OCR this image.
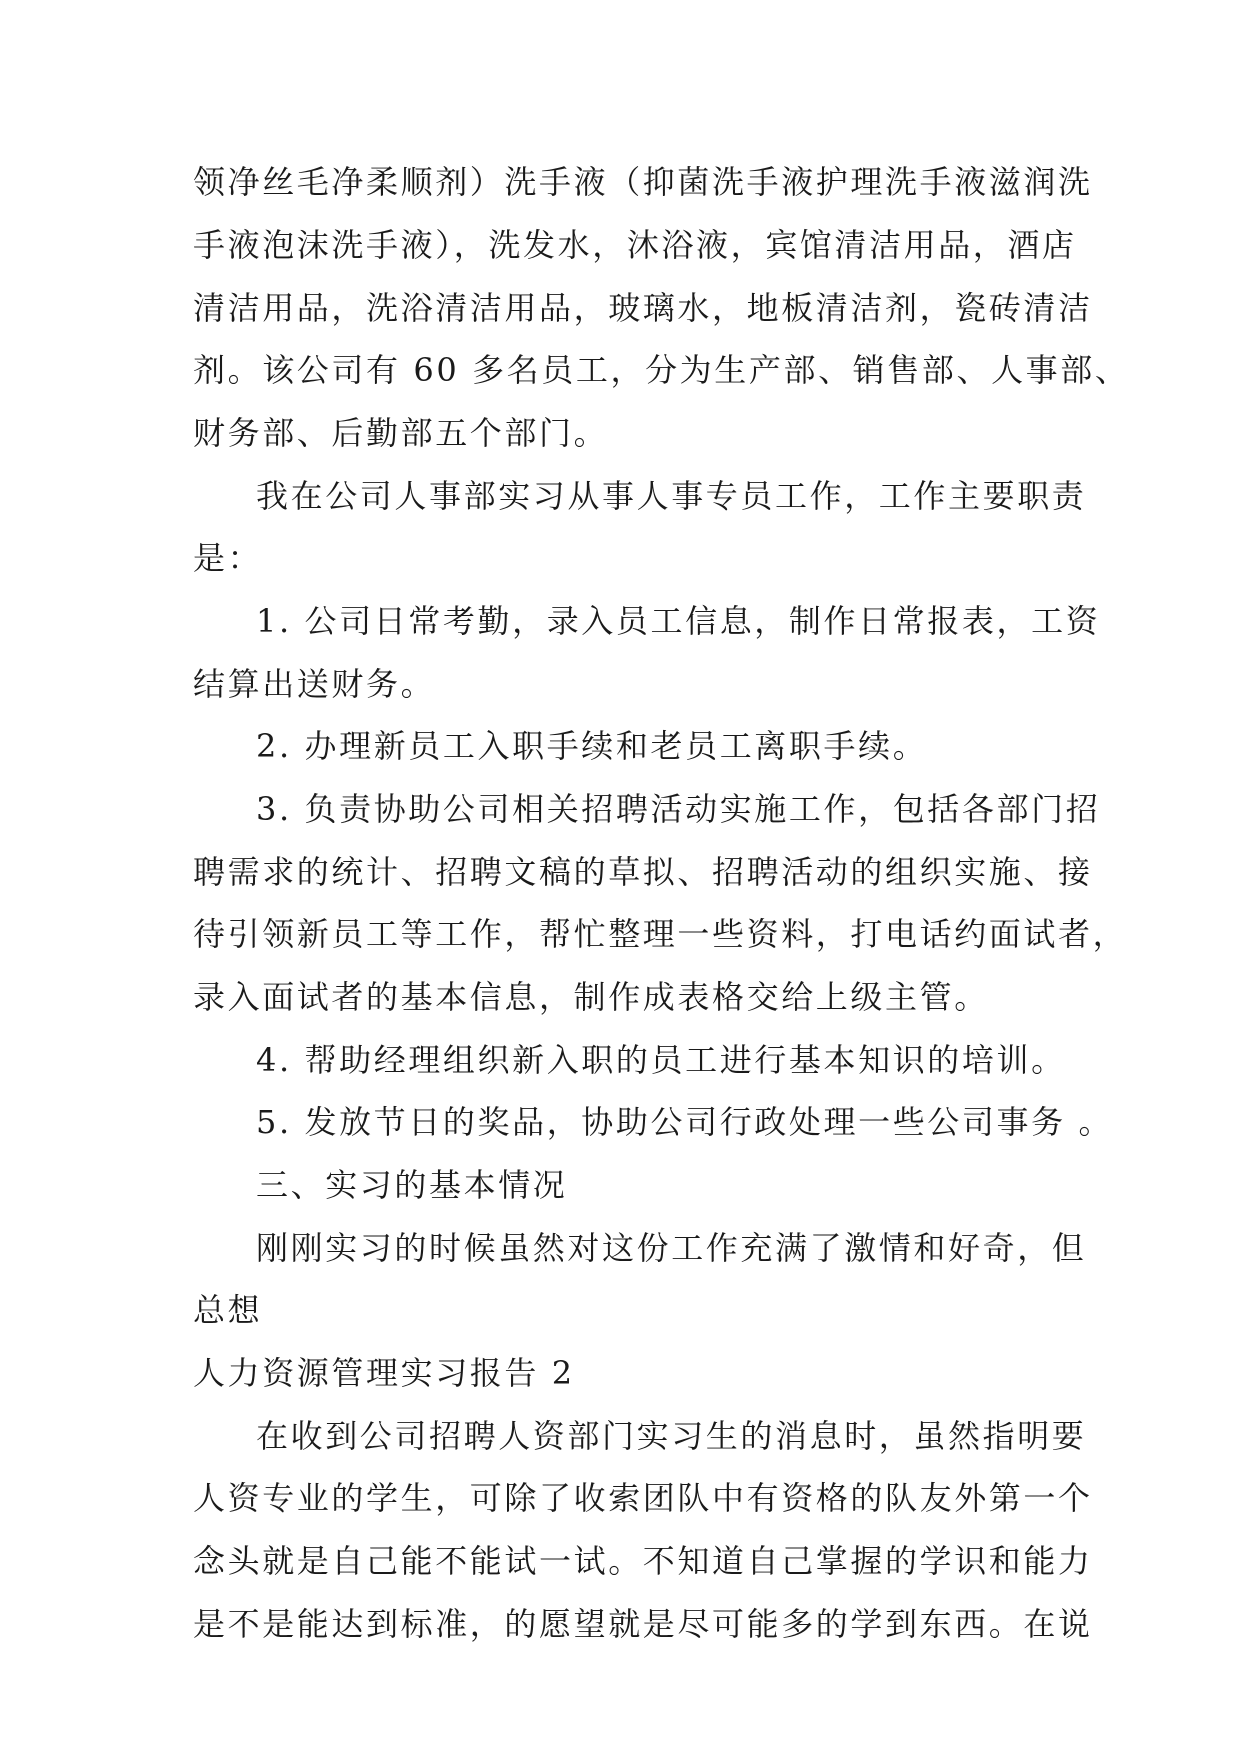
领净丝毛净柔顺剂）洗手液（抑菌洗手液护理洗手液滋润洗
手液泡沫洗手液），洗发水，沐浴液，宾馆清洁用品，酒店
清洁用品，洗浴清洁用品，玻璃水，地板清洁剂，瓷砖清洁
剂。该公司有 60 多名员工，分为生产部、销售部、人事部、
财务部、后勤部五个部门。
我在公司人事部实习从事人事专员工作，工作主要职责
是：
1. 公司日常考勤，录入员工信息，制作日常报表，工资
结算出送财务。
2. 办理新员工入职手续和老员工离职手续。
3. 负责协助公司相关招聘活动实施工作，包括各部门招
聘需求的统计、招聘文稿的草拟、招聘活动的组织实施、接
待引领新员工等工作，帮忙整理一些资料，打电话约面试者，
录入面试者的基本信息，制作成表格交给上级主管。
4. 帮助经理组织新入职的员工进行基本知识的培训。
5. 发放节日的奖品，协助公司行政处理一些公司事务 。
三、实习的基本情况
刚刚实习的时候虽然对这份工作充满了激情和好奇，但
总想
人力资源管理实习报告 2
在收到公司招聘人资部门实习生的消息时，虽然指明要
人资专业的学生，可除了收索团队中有资格的队友外第一个
念头就是自己能不能试一试。不知道自己掌握的学识和能力
是不是能达到标准，的愿望就是尽可能多的学到东西。在说
